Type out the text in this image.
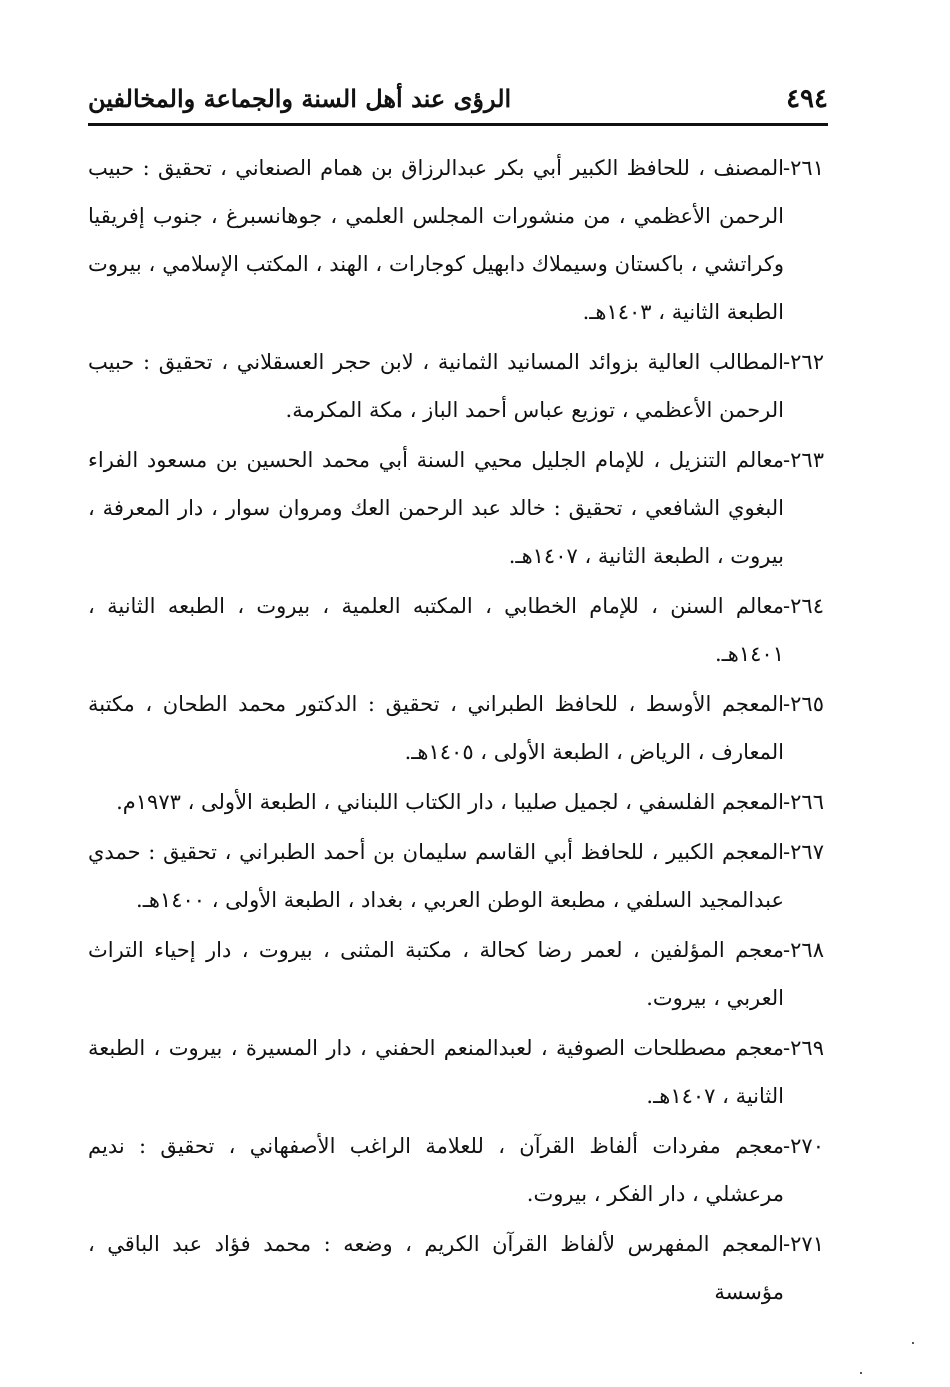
٤٩٤
الرؤى عند أهل السنة والجماعة والمخالفين
٢٦١-
المصنف ، للحافظ الكبير أبي بكر عبدالرزاق بن همام الصنعاني ، تحقيق : حبيب الرحمن الأعظمي ، من منشورات المجلس العلمي ، جوهانسبرغ ، جنوب إفريقيا وكراتشي ، باكستان وسيملاك دابهيل كوجارات ، الهند ، المكتب الإسلامي ، بيروت الطبعة الثانية ، ١٤٠٣هـ.
٢٦٢-
المطالب العالية بزوائد المسانيد الثمانية ، لابن حجر العسقلاني ، تحقيق : حبيب الرحمن الأعظمي ، توزيع عباس أحمد الباز ، مكة المكرمة.
٢٦٣-
معالم التنزيل ، للإمام الجليل محيي السنة أبي محمد الحسين بن مسعود الفراء البغوي الشافعي ، تحقيق : خالد عبد الرحمن العك ومروان سوار ، دار المعرفة ، بيروت ، الطبعة الثانية ، ١٤٠٧هـ.
٢٦٤-
معالم السنن ، للإمام الخطابي ، المكتبه العلمية ، بيروت ، الطبعه الثانية ، ١٤٠١هـ.
٢٦٥-
المعجم الأوسط ، للحافظ الطبراني ، تحقيق : الدكتور محمد الطحان ، مكتبة المعارف ، الرياض ، الطبعة الأولى ، ١٤٠٥هـ.
٢٦٦-
المعجم الفلسفي ، لجميل صليبا ، دار الكتاب اللبناني ، الطبعة الأولى ، ١٩٧٣م.
٢٦٧-
المعجم الكبير ، للحافظ أبي القاسم سليمان بن أحمد الطبراني ، تحقيق : حمدي عبدالمجيد السلفي ، مطبعة الوطن العربي ، بغداد ، الطبعة الأولى ، ١٤٠٠هـ.
٢٦٨-
معجم المؤلفين ، لعمر رضا كحالة ، مكتبة المثنى ، بيروت ، دار إحياء التراث العربي ، بيروت.
٢٦٩-
معجم مصطلحات الصوفية ، لعبدالمنعم الحفني ، دار المسيرة ، بيروت ، الطبعة الثانية ، ١٤٠٧هـ.
٢٧٠-
معجم مفردات ألفاظ القرآن ، للعلامة الراغب الأصفهاني ، تحقيق : نديم مرعشلي ، دار الفكر ، بيروت.
٢٧١-
المعجم المفهرس لألفاظ القرآن الكريم ، وضعه : محمد فؤاد عبد الباقي ، مؤسسة
